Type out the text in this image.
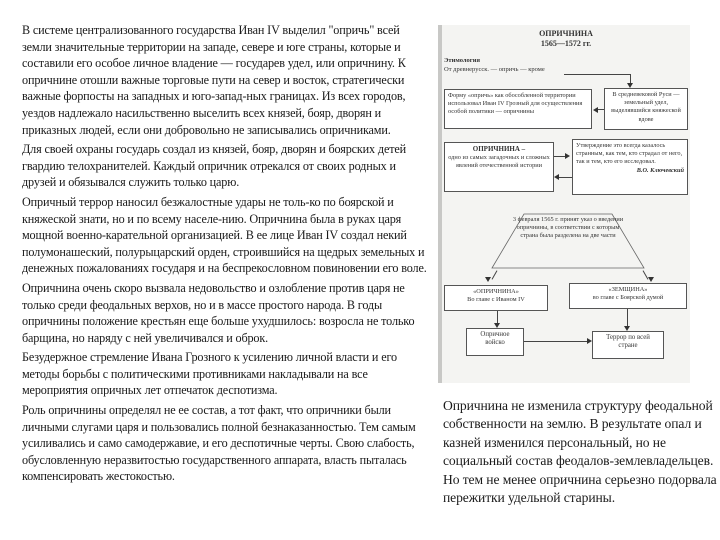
В системе централизованного государства Иван IV выделил "опричь" всей земли значительные территории на западе, севере и юге страны, которые и составили его особое личное владение — государев удел, или опричнину. К опричнине отошли важные торговые пути на север и восток, стратегически важные форпосты на западных и юго-запад-ных границах. Из всех городов, уездов надлежало насильственно выселить всех князей, бояр, дворян и приказных людей, если они добровольно не записывались опричниками.

Для своей охраны государь создал из князей, бояр, дворян и боярских детей гвардию телохранителей. Каждый опричник отрекался от своих родных и друзей и обязывался служить только царю.

Опричный террор наносил безжалостные удары не толь-ко по боярской и княжеской знати, но и по всему населе-нию. Опричнина была в руках царя мощной военно-карательной организацией. В ее лице Иван IV создал некий полумонашеский, полурыцарский орден, строившийся на щедрых земельных и денежных пожалованиях государя и на беспрекословном повиновении его воле.

Опричнина очень скоро вызвала недовольство и озлобление против царя не только среди феодальных верхов, но и в массе простого народа. В годы опричнины положение крестьян еще больше ухудшилось: возросла не только барщина, но наряду с ней увеличивался и оброк.

Безудержное стремление Ивана Грозного к усилению личной власти и его методы борьбы с политическими противниками накладывали на все мероприятия опричных лет отпечаток деспотизма.

Роль опричнины определял не ее состав, а тот факт, что опричники были личными слугами царя и пользовались полной безнаказанностью. Тем самым усиливались и само самодержавие, и его деспотичные черты. Свою слабость, обусловленную неразвитостью государственного аппарата, власть пыталась компенсировать жестокостью.

ОПРИЧНИНА
1565—1572 гг.
Этимология
От древнерусск. — опричь — кроме
Форму «опричь» как обособленной территории использовал Иван IV Грозный для осуществления особой политики — опричнины
В средневековой Руси — земельный удел, выделявшийся княжеской вдове
ОПРИЧНИНА –
одно из самых загадочных и сложных явлений отечественной истории
Утверждение это всегда казалось странным, как тем, кто страдал от него, так и тем, кто его исследовал.
В.О. Ключевский
3 февраля 1565 г. принят указ о введении опричнины, в соответствии с которым страна была разделена на две части
«ОПРИЧНИНА»
Во главе с Иваном IV
«ЗЕМЩИНА»
во главе с Боярской думой
Опричное войско
Террор по всей стране
Опричнина не изменила структуру феодальной собственности на землю. В результате опал и казней изменился персональный, но не социальный состав феодалов-землевладельцев. Но тем не менее опричнина серьезно подорвала пережитки удельной старины.
